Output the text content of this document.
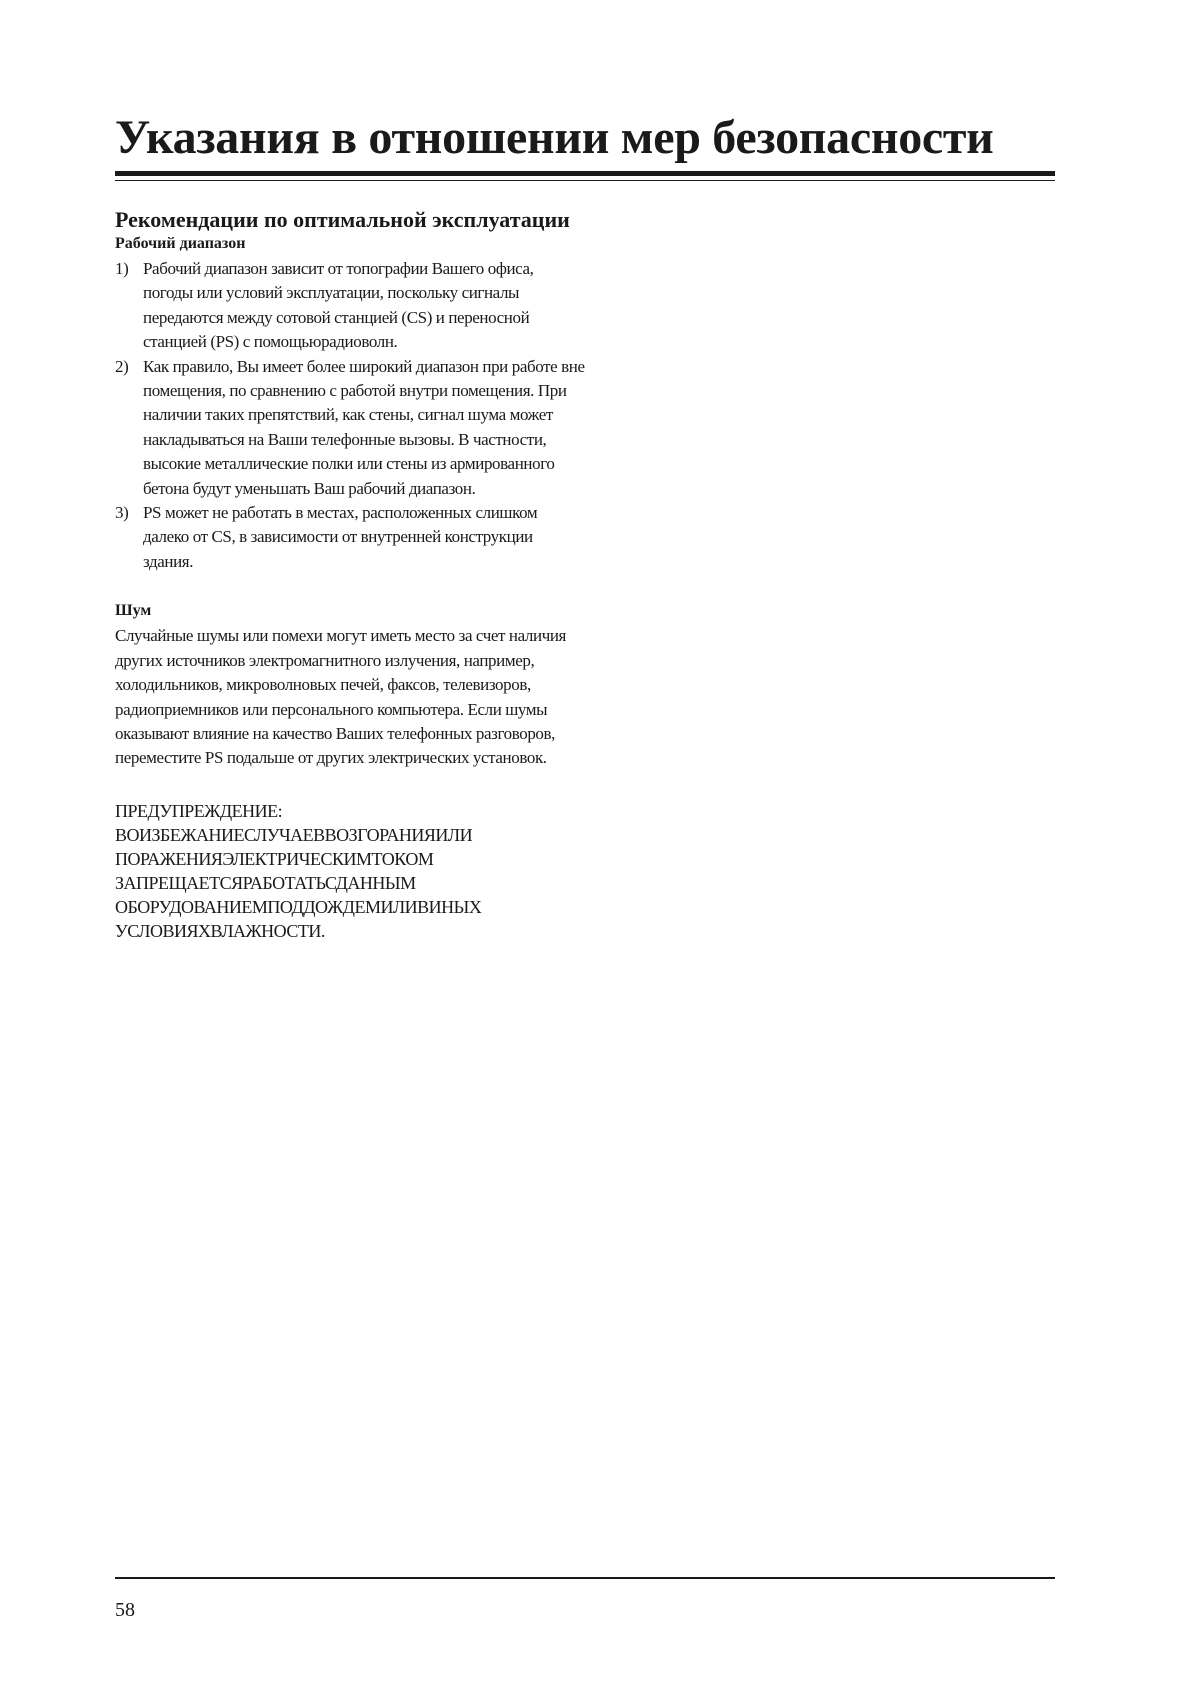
Указания в отношении мер безопасности
Рекомендации по оптимальной эксплуатации
Рабочий диапазон
1) Рабочий диапазон зависит от топографии Вашего офиса, погоды или условий эксплуатации, поскольку сигналы передаются между сотовой станцией (CS) и переносной станцией (PS) с помощьюрадиоволн.
2) Как правило, Вы имеет более широкий диапазон при работе вне помещения, по сравнению с работой внутри помещения. При наличии таких препятствий, как стены, сигнал шума может накладываться на Ваши телефонные вызовы. В частности, высокие металлические полки или стены из армированного бетона будут уменьшать Ваш рабочий диапазон.
3) PS может не работать в местах, расположенных слишком далеко от CS, в зависимости от внутренней конструкции здания.
Шум

Случайные шумы или помехи могут иметь место за счет наличия других источников электромагнитного излучения, например, холодильников, микроволновых печей, факсов, телевизоров, радиоприемников или персонального компьютера. Если шумы оказывают влияние на качество Ваших телефонных разговоров, переместите PS подальше от других электрических установок.

ПРЕДУПРЕЖДЕНИЕ:
ВОИЗБЕЖАНИЕСЛУЧАЕВВОЗГОРАНИЯИЛИ ПОРАЖЕНИЯЭЛЕКТРИЧЕСКИМТОКОМ ЗАПРЕЩАЕТСЯРАБОТАТЬСДАННЫМ ОБОРУДОВАНИЕМПОДДОЖДЕМИЛИВИНЫХ УСЛОВИЯХВЛАЖНОСТИ.
58
